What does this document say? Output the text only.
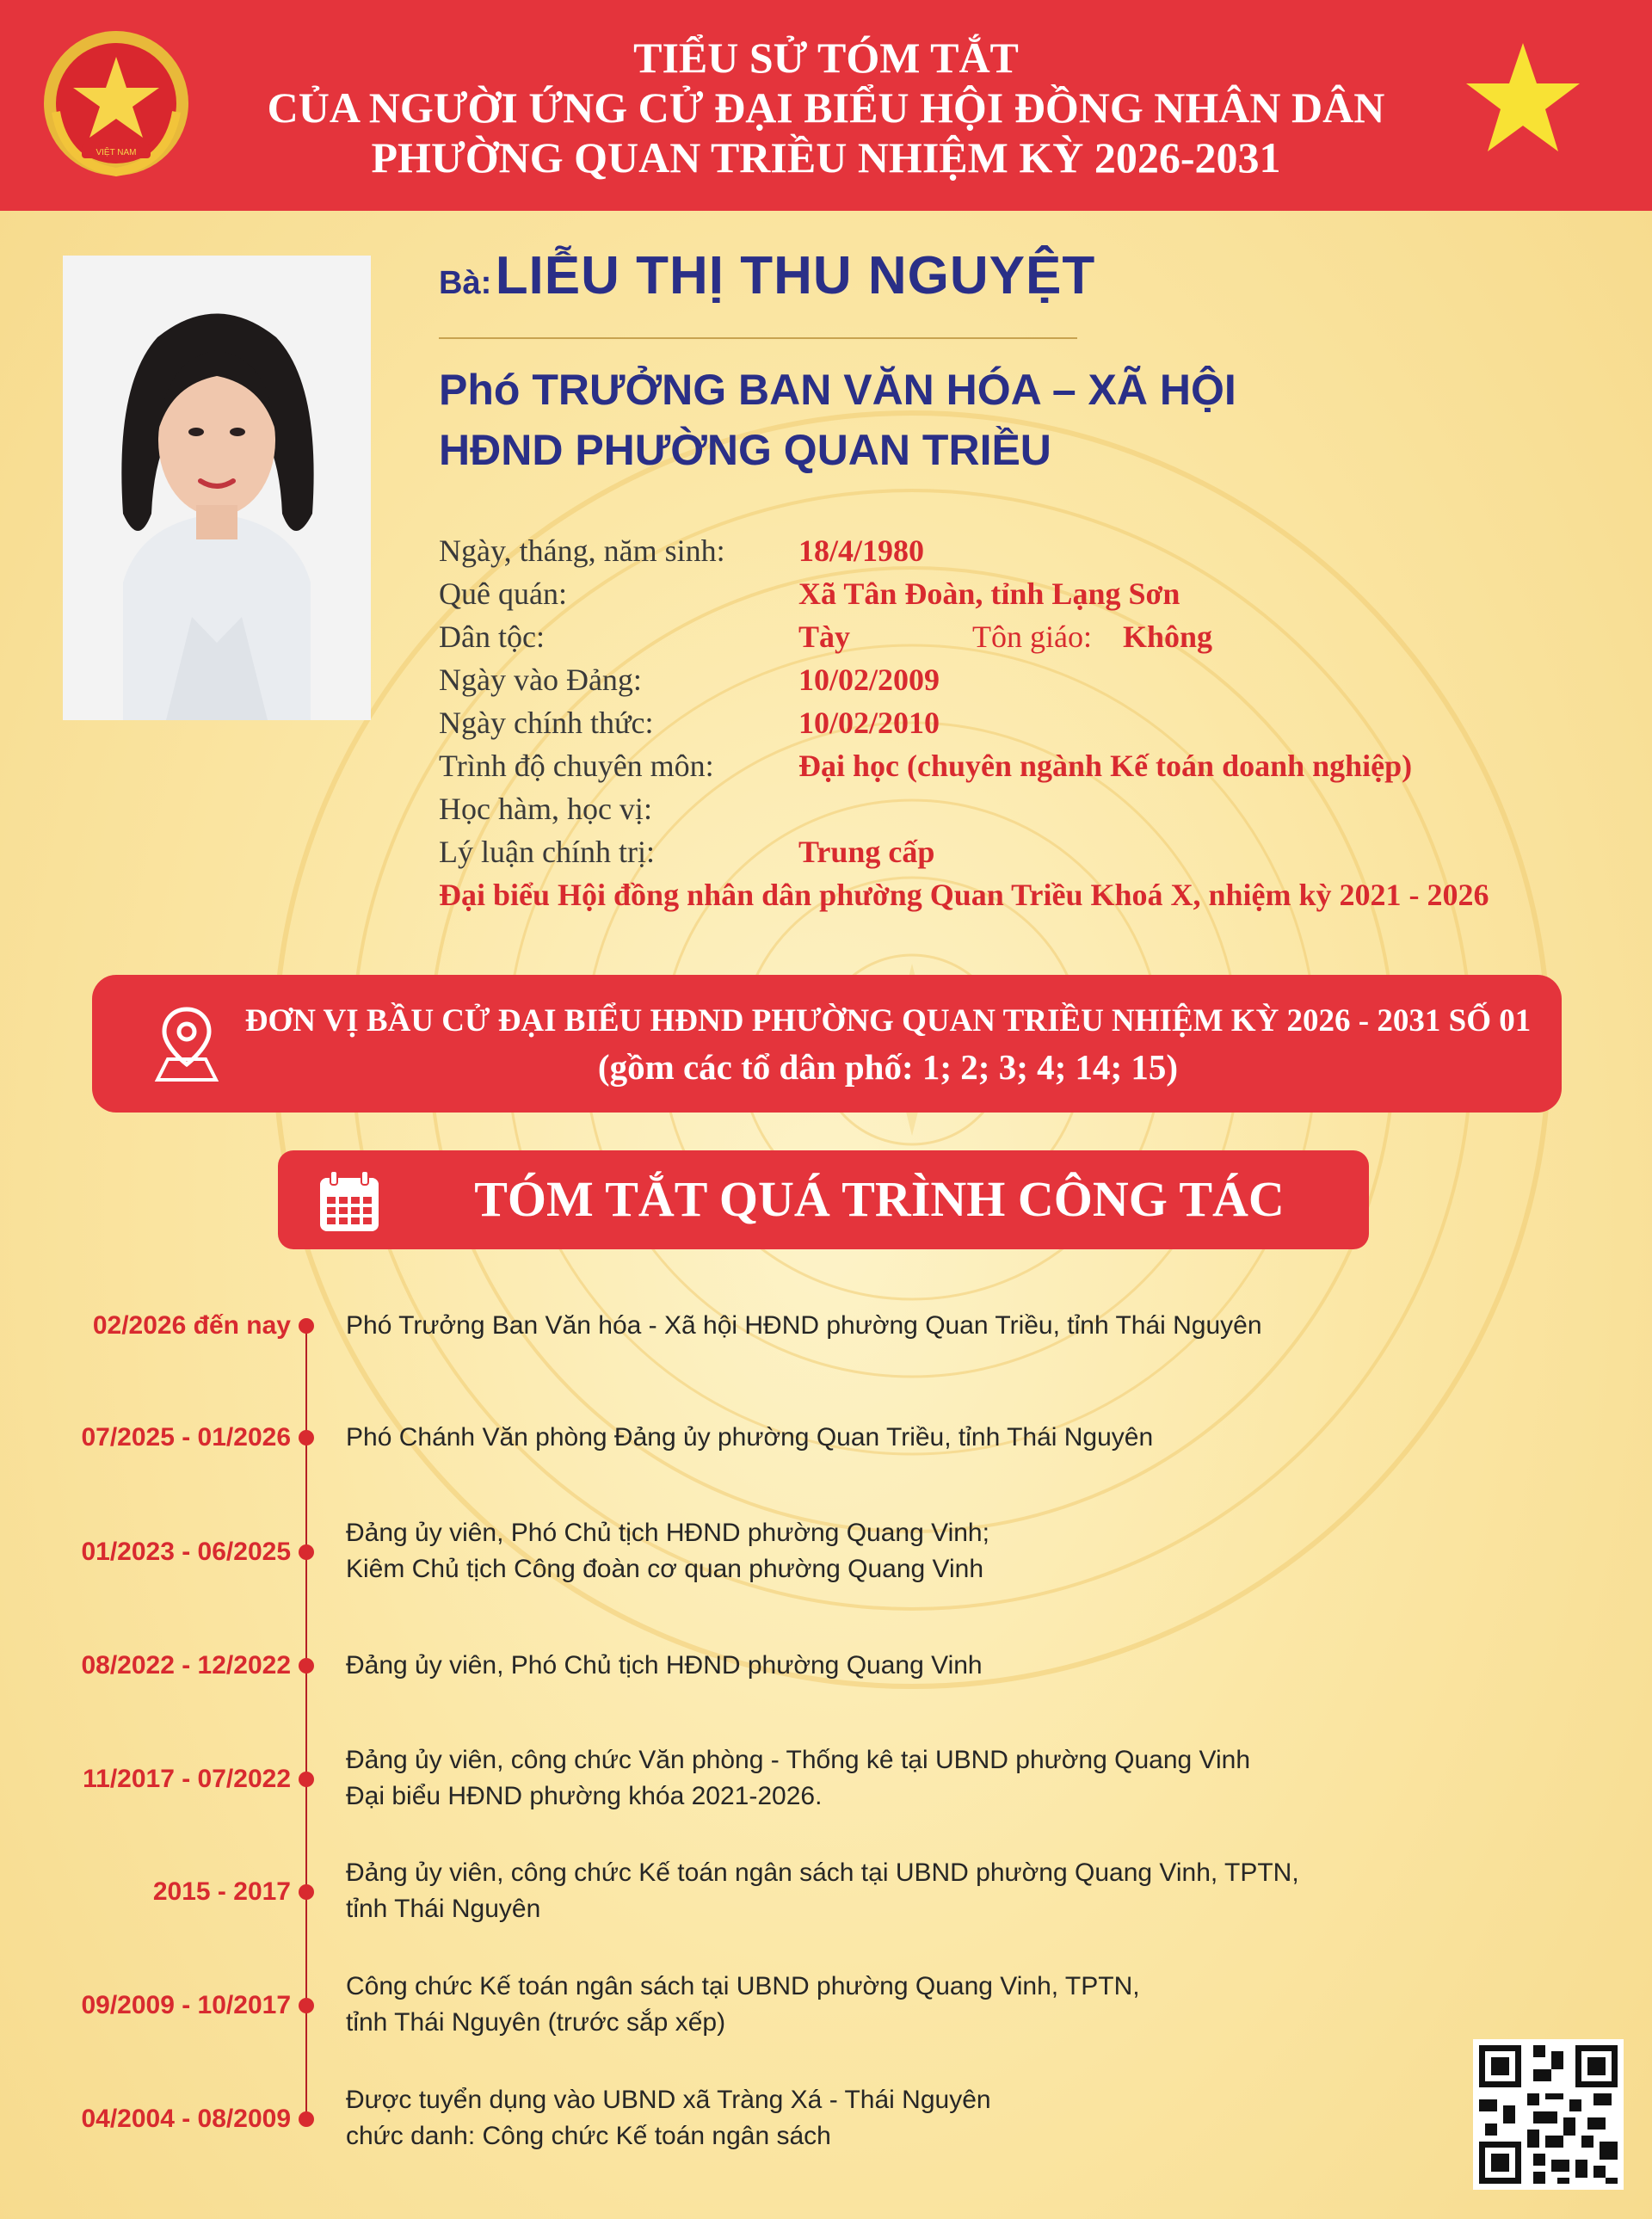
VIỆT NAM
TIỂU SỬ TÓM TẮT
CỦA NGƯỜI ỨNG CỬ ĐẠI BIỂU HỘI ĐỒNG NHÂN DÂN
PHƯỜNG QUAN TRIỀU NHIỆM KỲ 2026-2031
Bà: LIỄU THỊ THU NGUYỆT
Phó TRƯỞNG BAN VĂN HÓA – XÃ HỘI
HĐND PHƯỜNG QUAN TRIỀU
Ngày, tháng, năm sinh: 18/4/1980
Quê quán:	Xã Tân Đoàn, tỉnh Lạng Sơn
Dân tộc:	Tày	Tôn giáo: Không
Ngày vào Đảng:	10/02/2009
Ngày chính thức:	10/02/2010
Trình độ chuyên môn:	Đại học (chuyên ngành Kế toán doanh nghiệp)
Học hàm, học vị:
Lý luận chính trị:	Trung cấp
Đại biểu Hội đồng nhân dân phường Quan Triều Khoá X, nhiệm kỳ 2021 - 2026
ĐƠN VỊ BẦU CỬ ĐẠI BIỂU HĐND PHƯỜNG QUAN TRIỀU NHIỆM KỲ 2026 - 2031 SỐ 01
(gồm các tổ dân phố: 1; 2; 3; 4; 14; 15)
TÓM TẮT QUÁ TRÌNH CÔNG TÁC
02/2026 đến nay Phó Trưởng Ban Văn hóa - Xã hội HĐND phường Quan Triều, tỉnh Thái Nguyên
07/2025 - 01/2026 Phó Chánh Văn phòng Đảng ủy phường Quan Triều, tỉnh Thái Nguyên
01/2023 - 06/2025
Đảng ủy viên, Phó Chủ tịch HĐND phường Quang Vinh;
Kiêm Chủ tịch Công đoàn cơ quan phường Quang Vinh
08/2022 - 12/2022 Đảng ủy viên, Phó Chủ tịch HĐND phường Quang Vinh
11/2017 - 07/2022
Đảng ủy viên, công chức Văn phòng - Thống kê tại UBND phường Quang Vinh
Đại biểu HĐND phường khóa 2021-2026.
2015 - 2017
Đảng ủy viên, công chức Kế toán ngân sách tại UBND phường Quang Vinh, TPTN,
tỉnh Thái Nguyên
09/2009 - 10/2017
Công chức Kế toán ngân sách tại UBND phường Quang Vinh, TPTN,
tỉnh Thái Nguyên (trước sắp xếp)
04/2004 - 08/2009
Được tuyển dụng vào UBND xã Tràng Xá - Thái Nguyên
chức danh: Công chức Kế toán ngân sách
